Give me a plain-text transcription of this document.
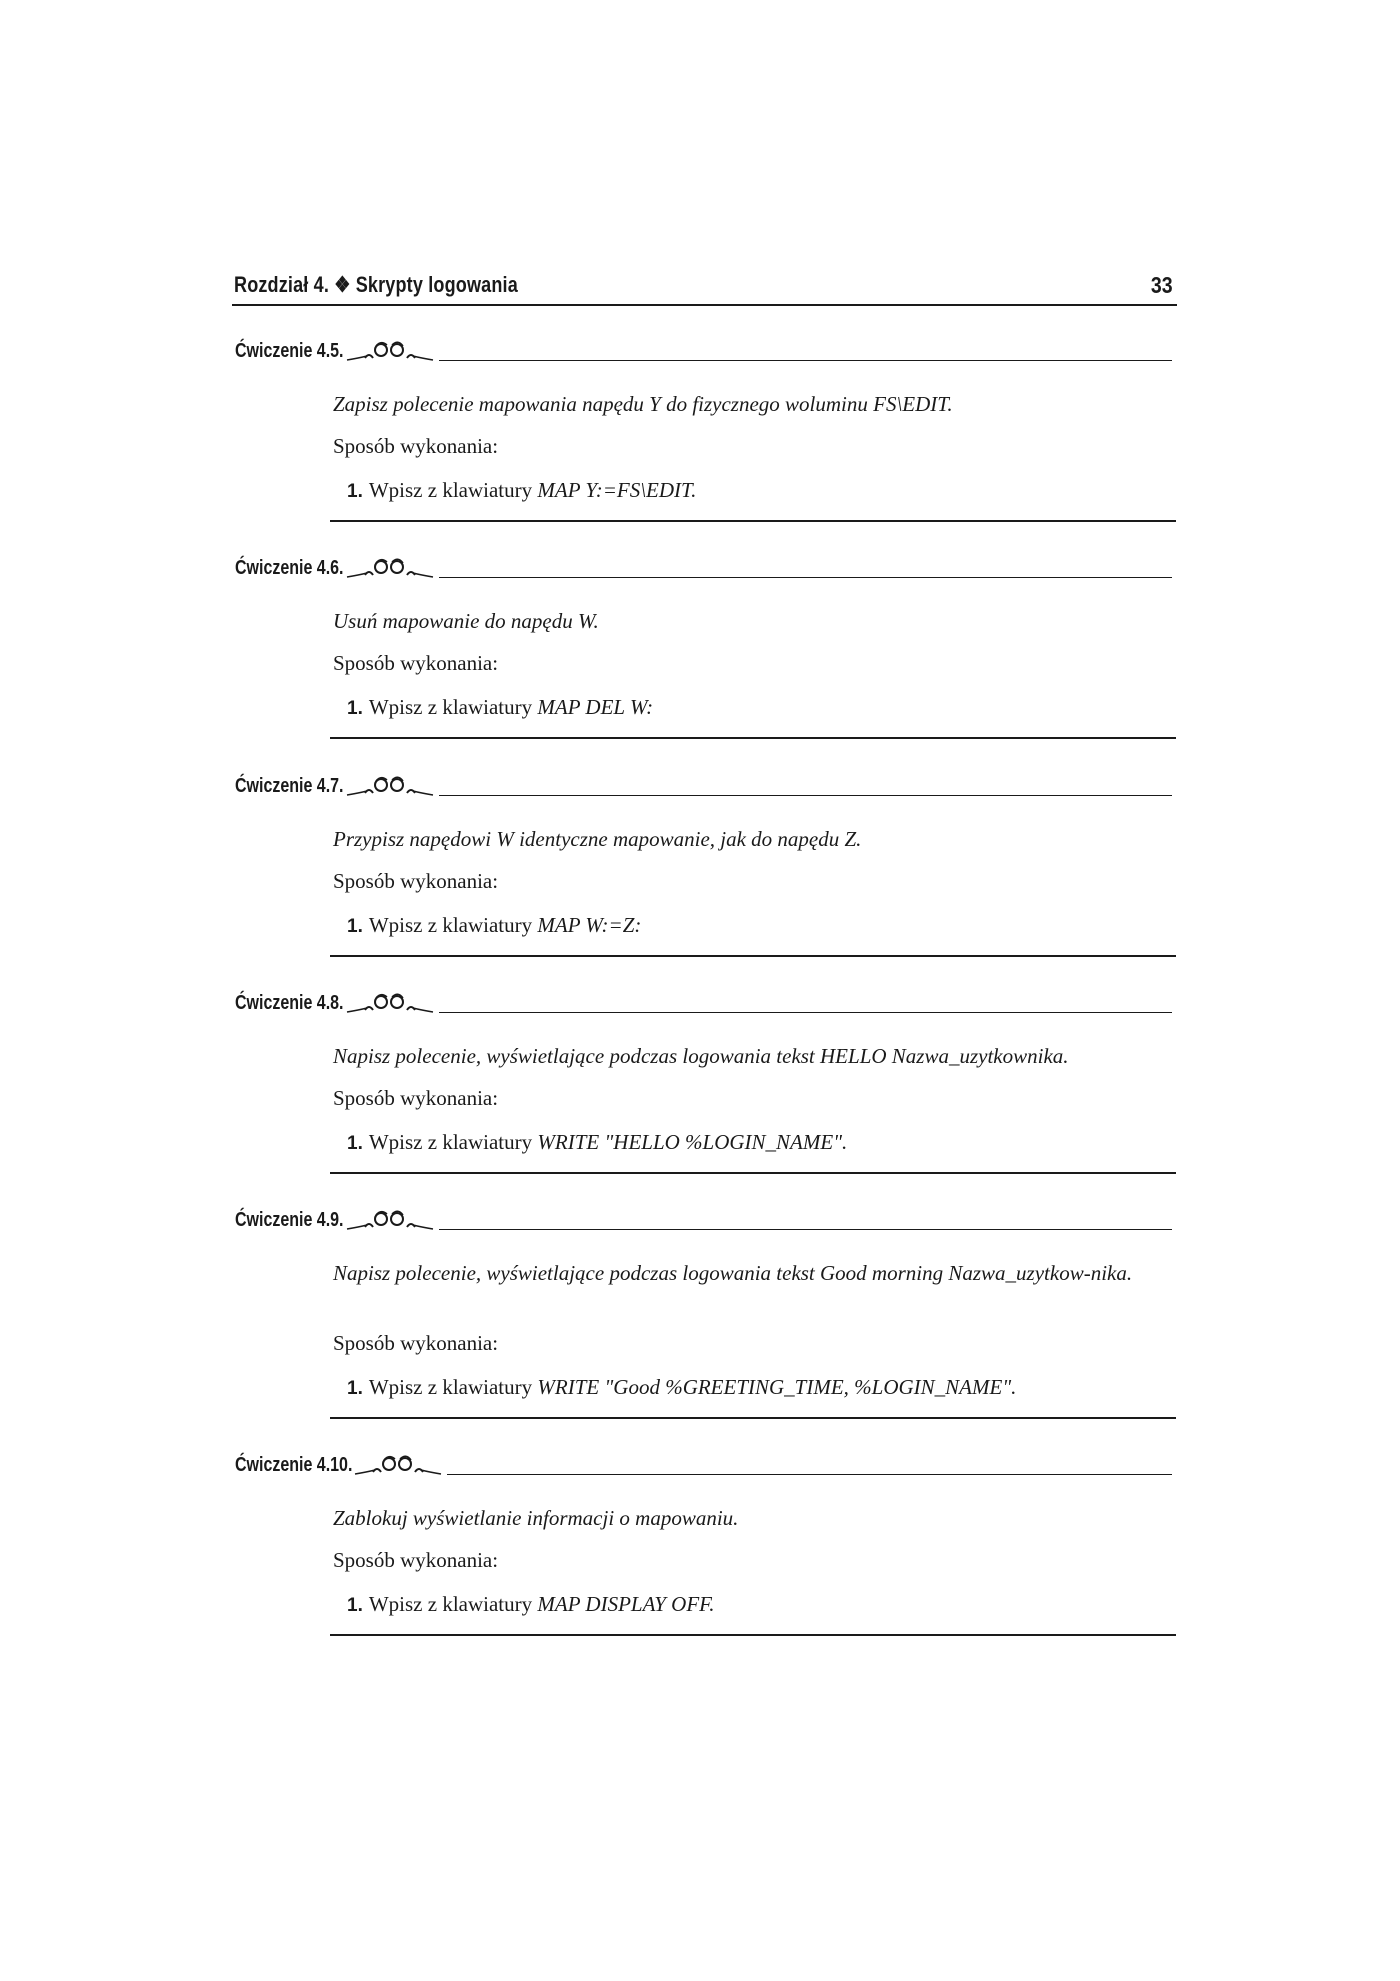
Rozdział 4. ❖ Skrypty logowania	33
Ćwiczenie 4.5.
Zapisz polecenie mapowania napędu Y do fizycznego woluminu FS\EDIT.
Sposób wykonania:
1. Wpisz z klawiatury MAP Y:=FS\EDIT.
Ćwiczenie 4.6.
Usuń mapowanie do napędu W.
Sposób wykonania:
1. Wpisz z klawiatury MAP DEL W:
Ćwiczenie 4.7.
Przypisz napędowi W identyczne mapowanie, jak do napędu Z.
Sposób wykonania:
1. Wpisz z klawiatury MAP W:=Z:
Ćwiczenie 4.8.
Napisz polecenie, wyświetlające podczas logowania tekst HELLO Nazwa_uzytkownika.
Sposób wykonania:
1. Wpisz z klawiatury WRITE "HELLO %LOGIN_NAME".
Ćwiczenie 4.9.
Napisz polecenie, wyświetlające podczas logowania tekst Good morning Nazwa_uzytkow-nika.
Sposób wykonania:
1. Wpisz z klawiatury WRITE "Good %GREETING_TIME, %LOGIN_NAME".
Ćwiczenie 4.10.
Zablokuj wyświetlanie informacji o mapowaniu.
Sposób wykonania:
1. Wpisz z klawiatury MAP DISPLAY OFF.
